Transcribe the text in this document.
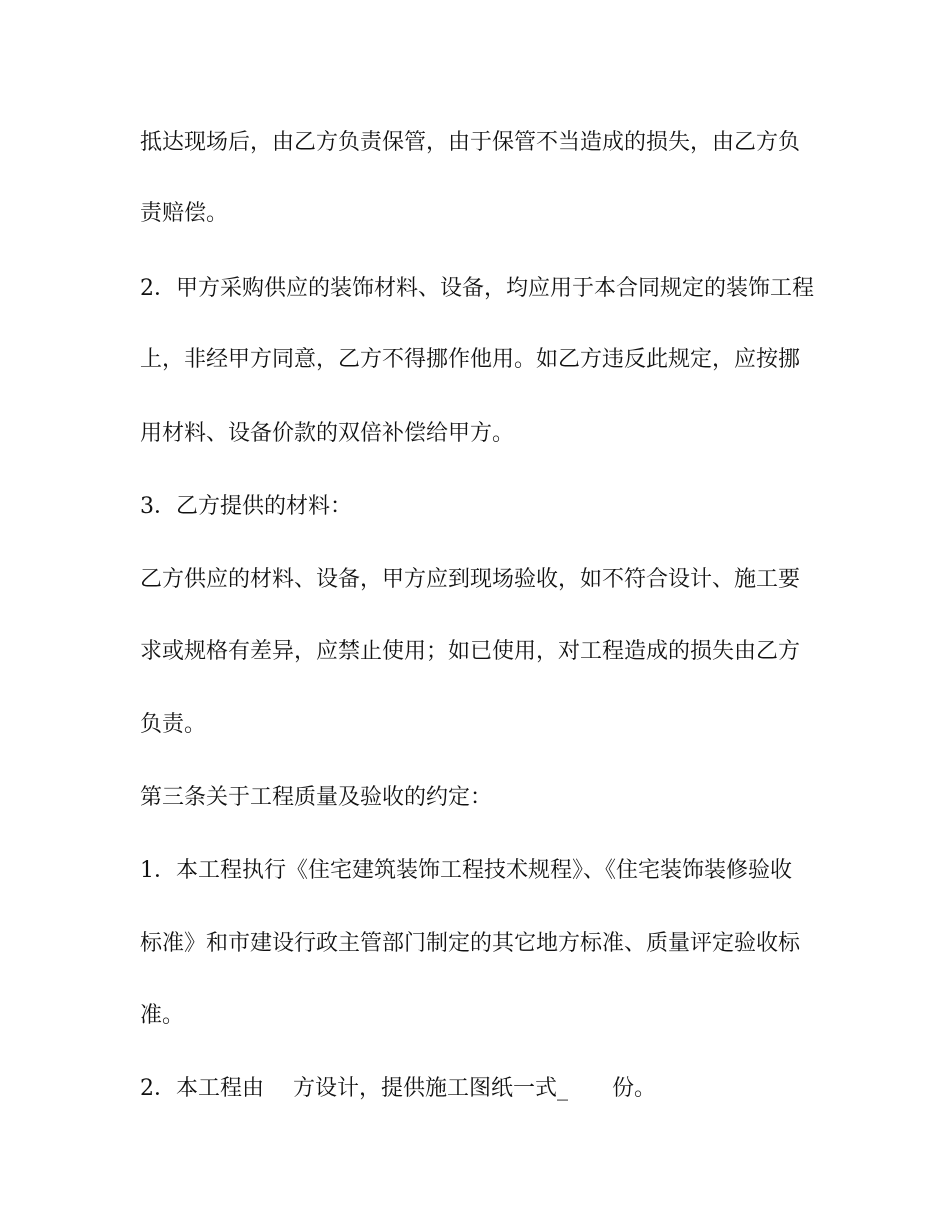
抵达现场后，由乙方负责保管，由于保管不当造成的损失，由乙方负

责赔偿。

2．甲方采购供应的装饰材料、设备，均应用于本合同规定的装饰工程

上，非经甲方同意，乙方不得挪作他用。如乙方违反此规定，应按挪

用材料、设备价款的双倍补偿给甲方。

3．乙方提供的材料：

乙方供应的材料、设备，甲方应到现场验收，如不符合设计、施工要

求或规格有差异，应禁止使用；如已使用，对工程造成的损失由乙方

负责。

第三条关于工程质量及验收的约定：

1．本工程执行《住宅建筑装饰工程技术规程》、《住宅装饰装修验收

标准》和市建设行政主管部门制定的其它地方标准、质量评定验收标

准。

2．本工程由　 方设计，提供施工图纸一式_　　份。
